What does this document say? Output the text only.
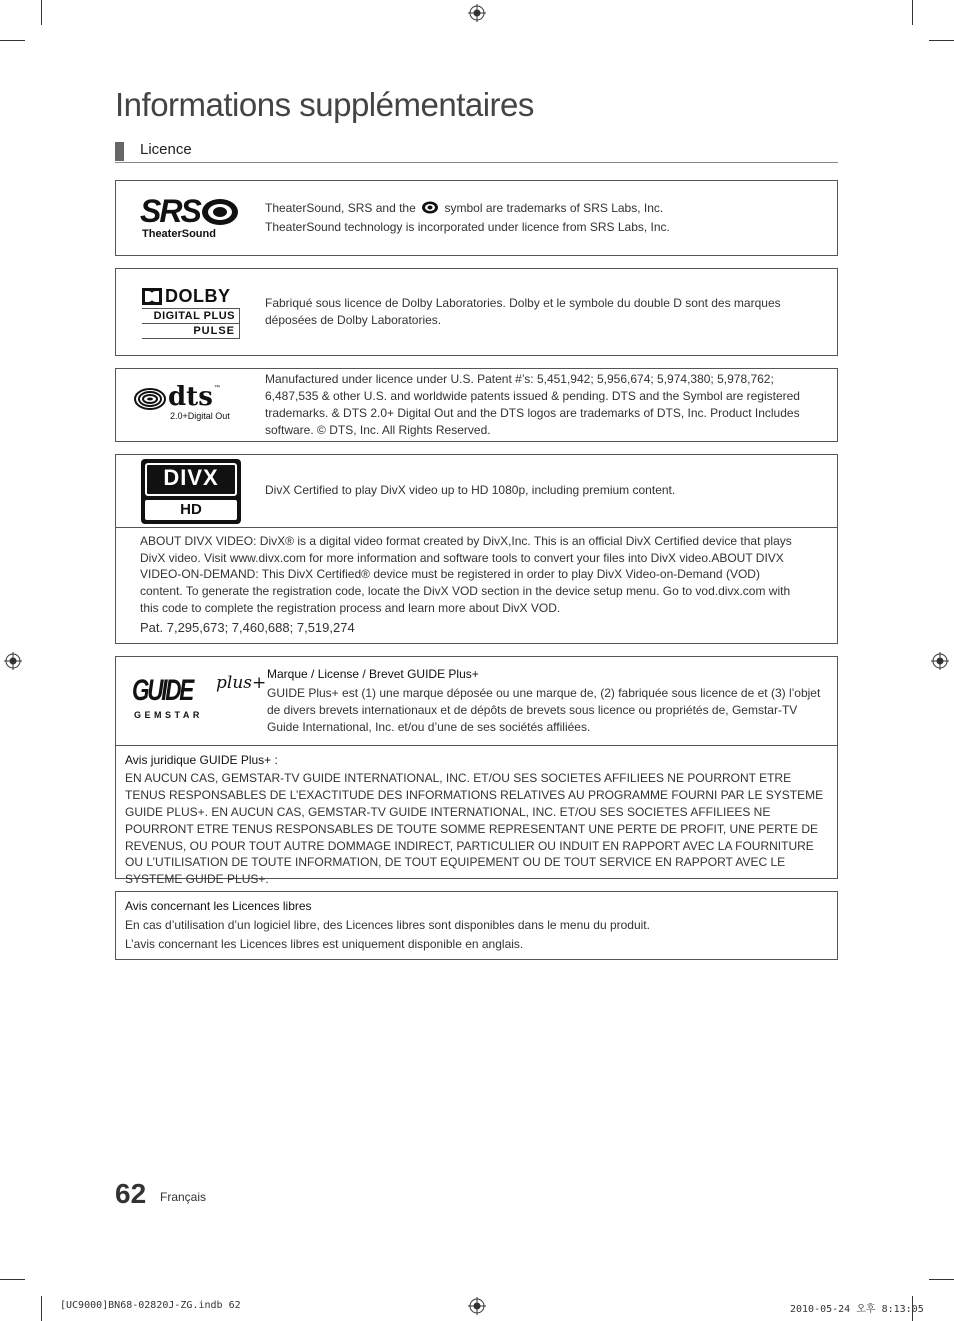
Informations supplémentaires
Licence
SRS
TheaterSound

TheaterSound, SRS and the symbol are trademarks of SRS Labs, Inc.

TheaterSound technology is incorporated under licence from SRS Labs, Inc.

DOLBY
DIGITAL PLUS
PULSE
Fabriqué sous licence de Dolby Laboratories. Dolby et le symbole du double D sont des marques déposées de Dolby Laboratories.
dts ™
2.0+Digital Out
Manufactured under licence under U.S. Patent #’s: 5,451,942; 5,956,674; 5,974,380; 5,978,762; 6,487,535 & other U.S. and worldwide patents issued & pending. DTS and the Symbol are registered trademarks. & DTS 2.0+ Digital Out and the DTS logos are trademarks of DTS, Inc. Product Includes software. © DTS, Inc. All Rights Reserved.
DIVX
HD
DivX Certified to play DivX video up to HD 1080p, including premium content.
ABOUT DIVX VIDEO: DivX® is a digital video format created by DivX,Inc. This is an official DivX Certified device that plays DivX video. Visit www.divx.com for more information and software tools to convert your files into DivX video.ABOUT DIVX VIDEO-ON-DEMAND: This DivX Certified® device must be registered in order to play DivX Video-on-Demand (VOD) content. To generate the registration code, locate the DivX VOD section in the device setup menu. Go to vod.divx.com with this code to complete the registration process and learn more about DivX VOD.
Pat. 7,295,673; 7,460,688; 7,519,274
GUIDE plus+
GEMSTAR

Marque / License / Brevet GUIDE Plus+

GUIDE Plus+ est (1) une marque déposée ou une marque de, (2) fabriquée sous licence de et (3) l’objet de divers brevets internationaux et de dépôts de brevets sous licence ou propriétés de, Gemstar-TV Guide International, Inc. et/ou d’une de ses sociétés affiliées.

Avis juridique GUIDE Plus+ :

EN AUCUN CAS, GEMSTAR-TV GUIDE INTERNATIONAL, INC. ET/OU SES SOCIETES AFFILIEES NE POURRONT ETRE TENUS RESPONSABLES DE L’EXACTITUDE DES INFORMATIONS RELATIVES AU PROGRAMME FOURNI PAR LE SYSTEME GUIDE PLUS+. EN AUCUN CAS, GEMSTAR-TV GUIDE INTERNATIONAL, INC. ET/OU SES SOCIETES AFFILIEES NE POURRONT ETRE TENUS RESPONSABLES DE TOUTE SOMME REPRESENTANT UNE PERTE DE PROFIT, UNE PERTE DE REVENUS, OU POUR TOUT AUTRE DOMMAGE INDIRECT, PARTICULIER OU INDUIT EN RAPPORT AVEC LA FOURNITURE OU L’UTILISATION DE TOUTE INFORMATION, DE TOUT EQUIPEMENT OU DE TOUT SERVICE EN RAPPORT AVEC LE SYSTEME GUIDE PLUS+.

Avis concernant les Licences libres

En cas d’utilisation d’un logiciel libre, des Licences libres sont disponibles dans le menu du produit.

L’avis concernant les Licences libres est uniquement disponible en anglais.

62 Français
[UC9000]BN68-02820J-ZG.indb 62	2010-05-24 오후 8:13:05
